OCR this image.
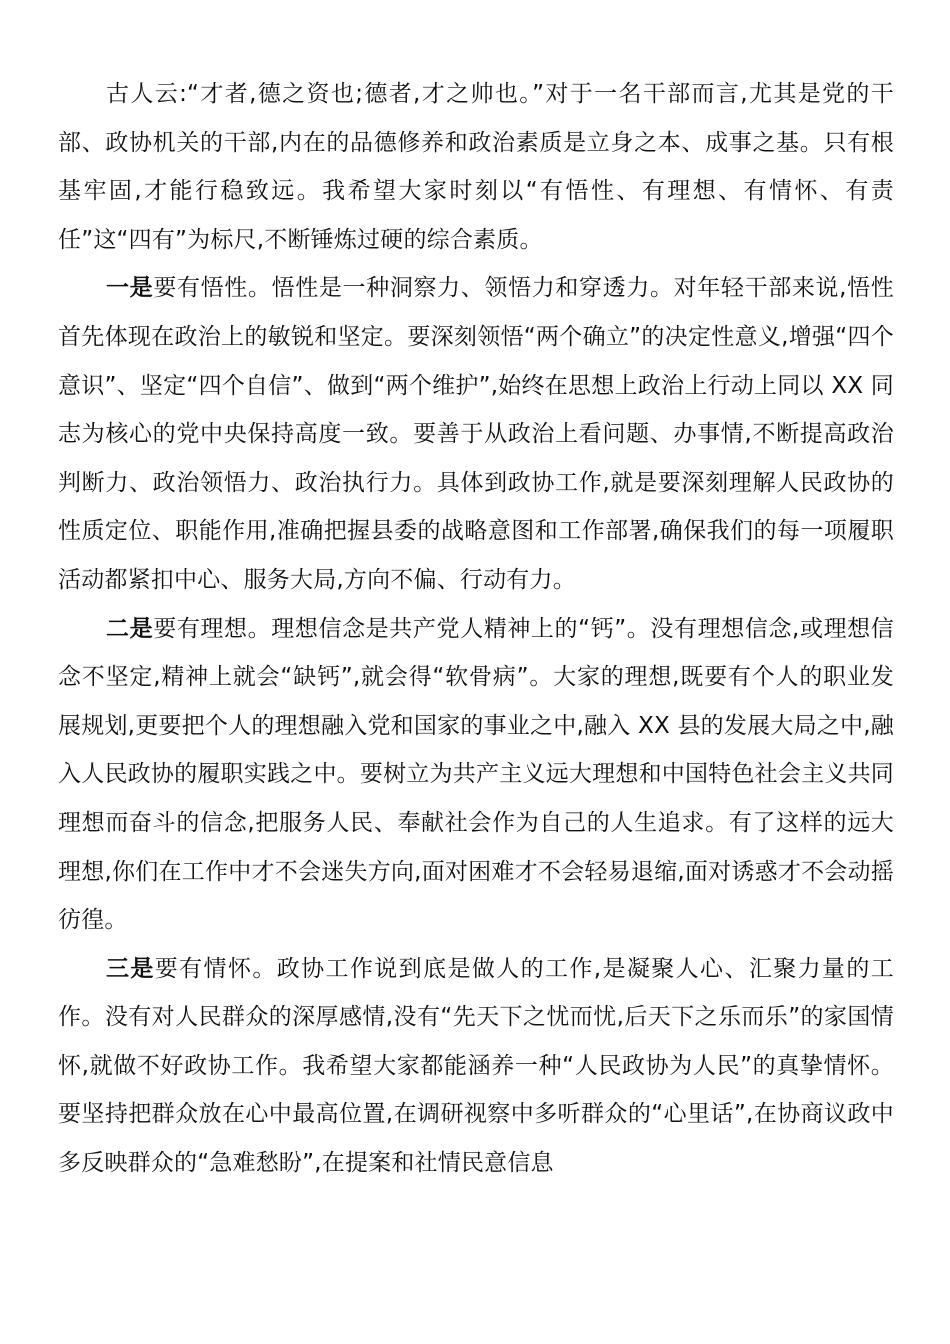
古人云:“才者,德之资也;德者,才之帅也。”对于一名干部而言,尤其是党的干部、政协机关的干部,内在的品德修养和政治素质是立身之本、成事之基。只有根基牢固,才能行稳致远。我希望大家时刻以“有悟性、有理想、有情怀、有责任”这“四有”为标尺,不断锤炼过硬的综合素质。

一是要有悟性。悟性是一种洞察力、领悟力和穿透力。对年轻干部来说,悟性首先体现在政治上的敏锐和坚定。要深刻领悟“两个确立”的决定性意义,增强“四个意识”、坚定“四个自信”、做到“两个维护”,始终在思想上政治上行动上同以 XX 同志为核心的党中央保持高度一致。要善于从政治上看问题、办事情,不断提高政治判断力、政治领悟力、政治执行力。具体到政协工作,就是要深刻理解人民政协的性质定位、职能作用,准确把握县委的战略意图和工作部署,确保我们的每一项履职活动都紧扣中心、服务大局,方向不偏、行动有力。

二是要有理想。理想信念是共产党人精神上的“钙”。没有理想信念,或理想信念不坚定,精神上就会“缺钙”,就会得“软骨病”。大家的理想,既要有个人的职业发展规划,更要把个人的理想融入党和国家的事业之中,融入 XX 县的发展大局之中,融入人民政协的履职实践之中。要树立为共产主义远大理想和中国特色社会主义共同理想而奋斗的信念,把服务人民、奉献社会作为自己的人生追求。有了这样的远大理想,你们在工作中才不会迷失方向,面对困难才不会轻易退缩,面对诱惑才不会动摇彷徨。

三是要有情怀。政协工作说到底是做人的工作,是凝聚人心、汇聚力量的工作。没有对人民群众的深厚感情,没有“先天下之忧而忧,后天下之乐而乐”的家国情怀,就做不好政协工作。我希望大家都能涵养一种“人民政协为人民”的真挚情怀。要坚持把群众放在心中最高位置,在调研视察中多听群众的“心里话”,在协商议政中多反映群众的“急难愁盼”,在提案和社情民意信息
